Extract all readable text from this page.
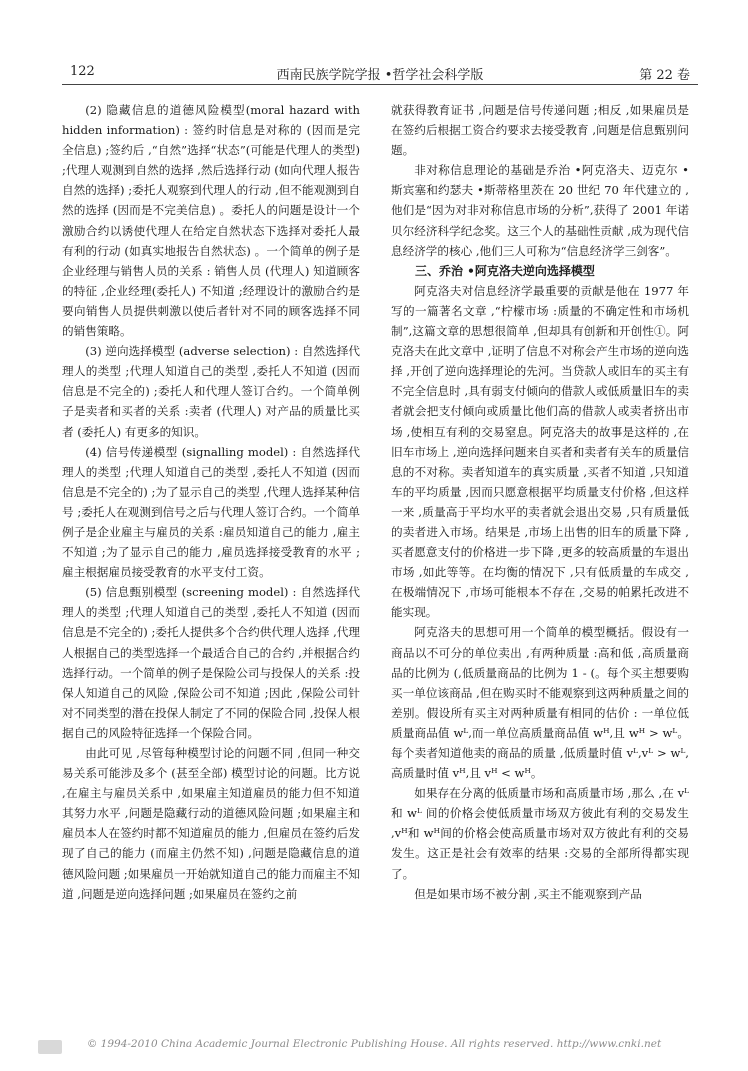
122	西南民族学院学报 •哲学社会科学版	第 22 卷

(2) 隐藏信息的道德风险模型(moral hazard with hidden information) : 签约时信息是对称的 (因而是完全信息) ;签约后 ,“自然”选择“状态”(可能是代理人的类型) ;代理人观测到自然的选择 ,然后选择行动 (如向代理人报告自然的选择) ;委托人观察到代理人的行动 ,但不能观测到自然的选择 (因而是不完美信息) 。委托人的问题是设计一个激励合约以诱使代理人在给定自然状态下选择对委托人最有利的行动 (如真实地报告自然状态) 。一个简单的例子是企业经理与销售人员的关系 : 销售人员 (代理人) 知道顾客的特征 ,企业经理(委托人) 不知道 ;经理设计的激励合约是要向销售人员提供刺激以使后者针对不同的顾客选择不同的销售策略。

(3) 逆向选择模型 (adverse selection) : 自然选择代理人的类型 ;代理人知道自己的类型 ,委托人不知道 (因而信息是不完全的) ;委托人和代理人签订合约。一个简单例子是卖者和买者的关系 :卖者 (代理人) 对产品的质量比买者 (委托人) 有更多的知识。

(4) 信号传递模型 (signalling model) : 自然选择代理人的类型 ;代理人知道自己的类型 ,委托人不知道 (因而信息是不完全的) ;为了显示自己的类型 ,代理人选择某种信号 ;委托人在观测到信号之后与代理人签订合约。一个简单例子是企业雇主与雇员的关系 :雇员知道自己的能力 ,雇主不知道 ;为了显示自己的能力 ,雇员选择接受教育的水平 ;雇主根据雇员接受教育的水平支付工资。

(5) 信息甄别模型 (screening model) : 自然选择代理人的类型 ;代理人知道自己的类型 ,委托人不知道 (因而信息是不完全的) ;委托人提供多个合约供代理人选择 ,代理人根据自己的类型选择一个最适合自己的合约 ,并根据合约选择行动。一个简单的例子是保险公司与投保人的关系 :投保人知道自己的风险 ,保险公司不知道 ;因此 ,保险公司针对不同类型的潜在投保人制定了不同的保险合同 ,投保人根据自己的风险特征选择一个保险合同。

由此可见 ,尽管每种模型讨论的问题不同 ,但同一种交易关系可能涉及多个 (甚至全部) 模型讨论的问题。比方说 ,在雇主与雇员关系中 ,如果雇主知道雇员的能力但不知道其努力水平 ,问题是隐藏行动的道德风险问题 ;如果雇主和雇员本人在签约时都不知道雇员的能力 ,但雇员在签约后发现了自己的能力 (而雇主仍然不知) ,问题是隐藏信息的道德风险问题 ;如果雇员一开始就知道自己的能力而雇主不知道 ,问题是逆向选择问题 ;如果雇员在签约之前

就获得教育证书 ,问题是信号传递问题 ;相反 ,如果雇员是在签约后根据工资合约要求去接受教育 ,问题是信息甄别问题。

非对称信息理论的基础是乔治 •阿克洛夫、迈克尔 •斯宾塞和约瑟夫 •斯蒂格里茨在 20 世纪 70 年代建立的 ,他们是“因为对非对称信息市场的分析”,获得了 2001 年诺贝尔经济科学纪念奖。这三个人的基础性贡献 ,成为现代信息经济学的核心 ,他们三人可称为“信息经济学三剑客”。

三、乔治 •阿克洛夫逆向选择模型

阿克洛夫对信息经济学最重要的贡献是他在 1977 年写的一篇著名文章 ,“柠檬市场 :质量的不确定性和市场机制”,这篇文章的思想很简单 ,但却具有创新和开创性①。阿克洛夫在此文章中 ,证明了信息不对称会产生市场的逆向选择 ,开创了逆向选择理论的先河。当贷款人或旧车的买主有不完全信息时 ,具有弱支付倾向的借款人或低质量旧车的卖者就会把支付倾向或质量比他们高的借款人或卖者挤出市场 ,使相互有利的交易窒息。阿克洛夫的故事是这样的 ,在旧车市场上 ,逆向选择问题来自买者和卖者有关车的质量信息的不对称。卖者知道车的真实质量 ,买者不知道 ,只知道车的平均质量 ,因而只愿意根据平均质量支付价格 ,但这样一来 ,质量高于平均水平的卖者就会退出交易 ,只有质量低的卖者进入市场。结果是 ,市场上出售的旧车的质量下降 ,买者愿意支付的价格进一步下降 ,更多的较高质量的车退出市场 ,如此等等。在均衡的情况下 ,只有低质量的车成交 ,在极端情况下 ,市场可能根本不存在 ,交易的帕累托改进不能实现。

阿克洛夫的思想可用一个简单的模型概括。假设有一商品以不可分的单位卖出 ,有两种质量 :高和低 ,高质量商品的比例为 (,低质量商品的比例为 1 - (。每个买主想要购买一单位该商品 ,但在购买时不能观察到这两种质量之间的差别。假设所有买主对两种质量有相同的估价 : 一单位低质量商品值 wᴸ,而一单位高质量商品值 wᴴ,且 wᴴ > wᴸ。每个卖者知道他卖的商品的质量 ,低质量时值 vᴸ,vᴸ > wᴸ,高质量时值 vᴴ,且 vᴴ < wᴴ。

如果存在分离的低质量市场和高质量市场 ,那么 ,在 vᴸ 和 wᴸ 间的价格会使低质量市场双方彼此有利的交易发生 ,vᴴ和 wᴴ间的价格会使高质量市场对双方彼此有利的交易发生。这正是社会有效率的结果 :交易的全部所得都实现了。

但是如果市场不被分割 ,买主不能观察到产品

© 1994-2010 China Academic Journal Electronic Publishing House. All rights reserved. http://www.cnki.net
